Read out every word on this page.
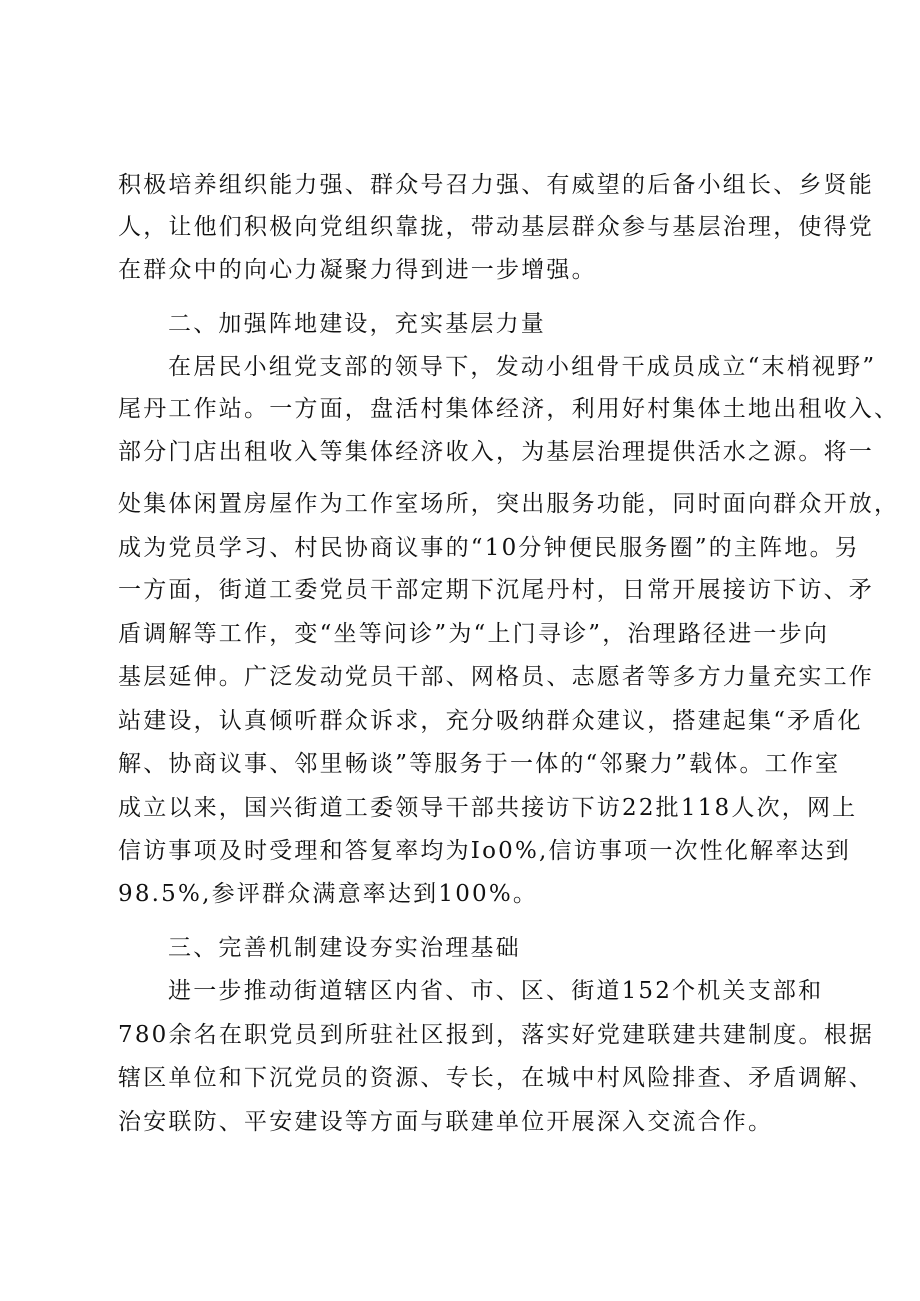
积极培养组织能力强、群众号召力强、有威望的后备小组长、乡贤能
人，让他们积极向党组织靠拢，带动基层群众参与基层治理，使得党
在群众中的向心力凝聚力得到进一步增强。
二、加强阵地建设，充实基层力量
在居民小组党支部的领导下，发动小组骨干成员成立“末梢视野”
尾丹工作站。一方面，盘活村集体经济，利用好村集体土地出租收入、
部分门店出租收入等集体经济收入，为基层治理提供活水之源。将一
处集体闲置房屋作为工作室场所，突出服务功能，同时面向群众开放，
成为党员学习、村民协商议事的“10分钟便民服务圈”的主阵地。另
一方面，街道工委党员干部定期下沉尾丹村，日常开展接访下访、矛
盾调解等工作，变“坐等问诊”为“上门寻诊”，治理路径进一步向
基层延伸。广泛发动党员干部、网格员、志愿者等多方力量充实工作
站建设，认真倾听群众诉求，充分吸纳群众建议，搭建起集“矛盾化
解、协商议事、邻里畅谈”等服务于一体的“邻聚力”载体。工作室
成立以来，国兴街道工委领导干部共接访下访22批118人次，网上
信访事项及时受理和答复率均为Io0%,信访事项一次性化解率达到
98.5%,参评群众满意率达到100%。
三、完善机制建设夯实治理基础
进一步推动街道辖区内省、市、区、街道152个机关支部和
780余名在职党员到所驻社区报到，落实好党建联建共建制度。根据
辖区单位和下沉党员的资源、专长，在城中村风险排查、矛盾调解、
治安联防、平安建设等方面与联建单位开展深入交流合作。
